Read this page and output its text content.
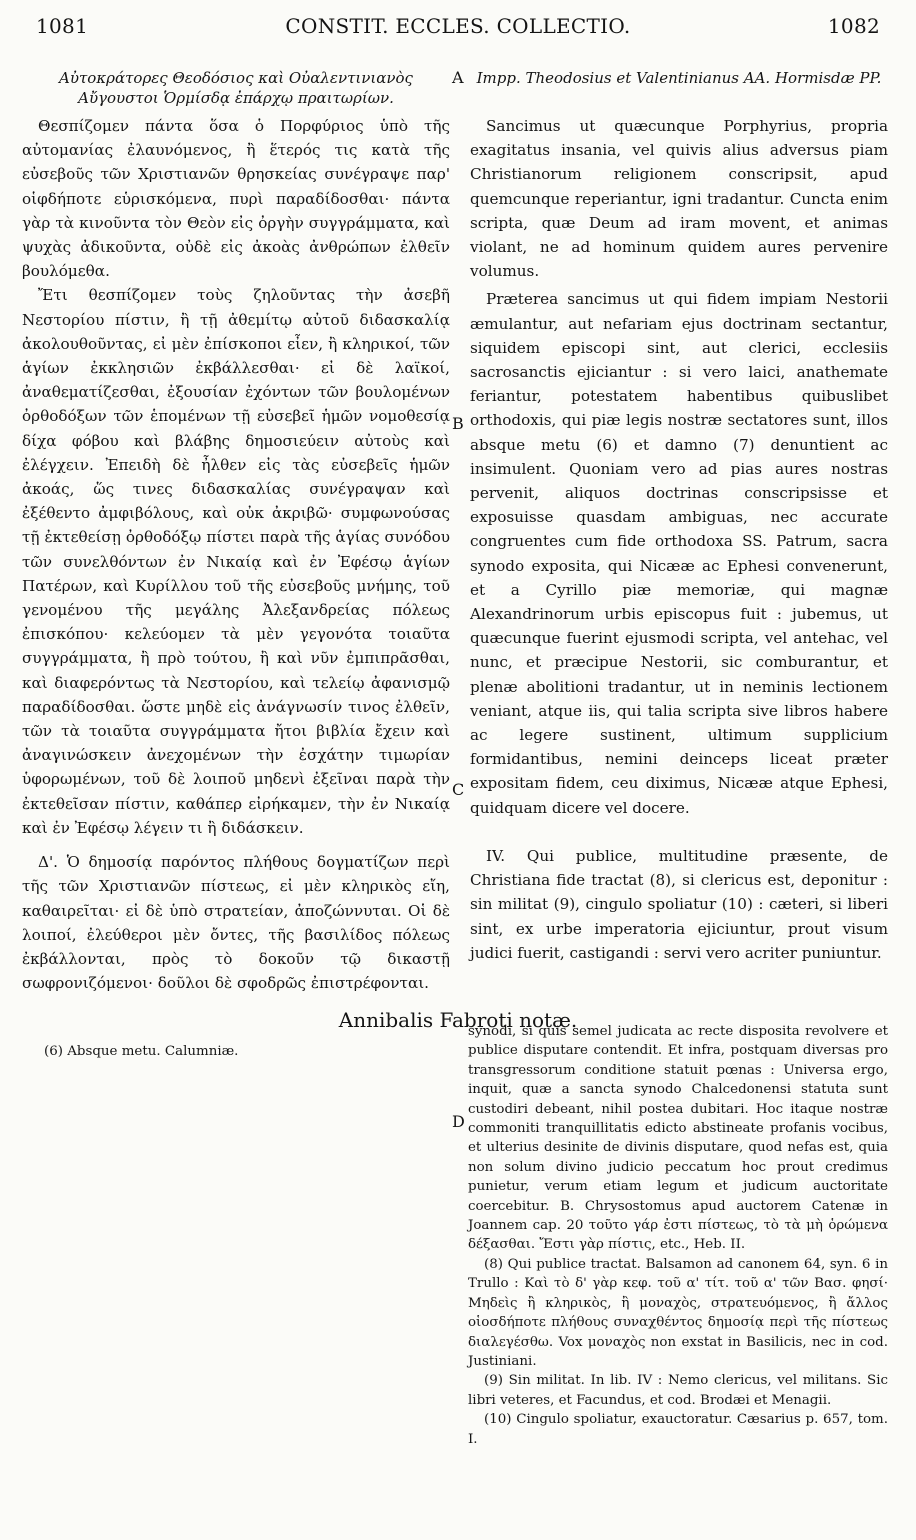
1081	CONSTIT. ECCLES. COLLECTIO.	1082
Αὐτοκράτορες Θεοδόσιος καὶ Οὐαλεντινιανὸς Αὔγουστοι Ὁρμίσδᾳ ἐπάρχῳ πραιτωρίων.
Impp. Theodosius et Valentinianus AA. Hormisdæ PP.
A
B
C
D

Θεσπίζομεν πάντα ὅσα ὁ Πορφύριος ὑπὸ τῆς αὐτομανίας ἐλαυνόμενος, ἢ ἕτερός τις κατὰ τῆς εὐσεβοῦς τῶν Χριστιανῶν θρησκείας συνέγραψε παρ' οἱφδήποτε εὑρισκόμενα, πυρὶ παραδίδοσθαι· πάντα γὰρ τὰ κινοῦντα τὸν Θεὸν εἰς ὀργὴν συγγράμματα, καὶ ψυχὰς ἀδικοῦντα, οὐδὲ εἰς ἀκοὰς ἀνθρώπων ἐλθεῖν βουλόμεθα.

Ἔτι θεσπίζομεν τοὺς ζηλοῦντας τὴν ἀσεβῆ Νεστορίου πίστιν, ἢ τῇ ἀθεμίτῳ αὐτοῦ διδασκαλίᾳ ἀκολουθοῦντας, εἰ μὲν ἐπίσκοποι εἶεν, ἢ κληρικοί, τῶν ἁγίων ἐκκλησιῶν ἐκβάλλεσθαι· εἰ δὲ λαϊκοί, ἀναθεματίζεσθαι, ἐξουσίαν ἐχόντων τῶν βουλομένων ὀρθοδόξων τῶν ἑπομένων τῇ εὐσεβεῖ ἡμῶν νομοθεσίᾳ δίχα φόβου καὶ βλάβης δημοσιεύειν αὐτοὺς καὶ ἐλέγχειν. Ἐπειδὴ δὲ ἦλθεν εἰς τὰς εὐσεβεῖς ἡμῶν ἀκοάς, ὥς τινες διδασκαλίας συνέγραψαν καὶ ἐξέθεντο ἀμφιβόλους, καὶ οὐκ ἀκριβῶ· συμφωνούσας τῇ ἐκτεθείσῃ ὀρθοδόξῳ πίστει παρὰ τῆς ἁγίας συνόδου τῶν συνελθόντων ἐν Νικαίᾳ καὶ ἐν Ἐφέσῳ ἁγίων Πατέρων, καὶ Κυρίλλου τοῦ τῆς εὐσεβοῦς μνήμης, τοῦ γενομένου τῆς μεγάλης Ἀλεξανδρείας πόλεως ἐπισκόπου· κελεύομεν τὰ μὲν γεγονότα τοιαῦτα συγγράμματα, ἢ πρὸ τούτου, ἢ καὶ νῦν ἐμπιπρᾶσθαι, καὶ διαφερόντως τὰ Νεστορίου, καὶ τελείῳ ἀφανισμῷ παραδίδοσθαι. ὥστε μηδὲ εἰς ἀνάγνωσίν τινος ἐλθεῖν, τῶν τὰ τοιαῦτα συγγράμματα ἤτοι βιβλία ἔχειν καὶ ἀναγινώσκειν ἀνεχομένων τὴν ἐσχάτην τιμωρίαν ὑφορωμένων, τοῦ δὲ λοιποῦ μηδενὶ ἐξεῖναι παρὰ τὴν ἐκτεθεῖσαν πίστιν, καθάπερ εἰρήκαμεν, τὴν ἐν Νικαίᾳ καὶ ἐν Ἐφέσῳ λέγειν τι ἢ διδάσκειν.

Δ'. Ὁ δημοσίᾳ παρόντος πλήθους δογματίζων περὶ τῆς τῶν Χριστιανῶν πίστεως, εἰ μὲν κληρικὸς εἴη, καθαιρεῖται· εἰ δὲ ὑπὸ στρατείαν, ἀποζώννυται. Οἱ δὲ λοιποί, ἐλεύθεροι μὲν ὄντες, τῆς βασιλίδος πόλεως ἐκβάλλονται, πρὸς τὸ δοκοῦν τῷ δικαστῇ σωφρονιζόμενοι· δοῦλοι δὲ σφοδρῶς ἐπιστρέφονται.

Sancimus ut quæcunque Porphyrius, propria exagitatus insania, vel quivis alius adversus piam Christianorum religionem conscripsit, apud quemcunque reperiantur, igni tradantur. Cuncta enim scripta, quæ Deum ad iram movent, et animas violant, ne ad hominum quidem aures pervenire volumus.

Præterea sancimus ut qui fidem impiam Nestorii æmulantur, aut nefariam ejus doctrinam sectantur, siquidem episcopi sint, aut clerici, ecclesiis sacrosanctis ejiciantur : si vero laici, anathemate feriantur, potestatem habentibus quibuslibet orthodoxis, qui piæ legis nostræ sectatores sunt, illos absque metu (6) et damno (7) denuntient ac insimulent. Quoniam vero ad pias aures nostras pervenit, aliquos doctrinas conscripsisse et exposuisse quasdam ambiguas, nec accurate congruentes cum fide orthodoxa SS. Patrum, sacra synodo exposita, qui Nicææ ac Ephesi convenerunt, et a Cyrillo piæ memoriæ, qui magnæ Alexandrinorum urbis episcopus fuit : jubemus, ut quæcunque fuerint ejusmodi scripta, vel antehac, vel nunc, et præcipue Nestorii, sic comburantur, et plenæ abolitioni tradantur, ut in neminis lectionem veniant, atque iis, qui talia scripta sive libros habere ac legere sustinent, ultimum supplicium formidantibus, nemini deinceps liceat præter expositam fidem, ceu diximus, Nicææ atque Ephesi, quidquam dicere vel docere.

IV. Qui publice, multitudine præsente, de Christiana fide tractat (8), si clericus est, deponitur : sin militat (9), cingulo spoliatur (10) : cæteri, si liberi sint, ex urbe imperatoria ejiciuntur, prout visum judici fuerit, castigandi : servi vero acriter puniuntur.

Annibalis Fabroti notæ.

(6) Absque metu. Calumniæ.

synodi, si quis semel judicata ac recte disposita revolvere et publice disputare contendit. Et infra, postquam diversas pro transgressorum conditione statuit pœnas : Universa ergo, inquit, quæ a sancta synodo Chalcedonensi statuta sunt custodiri debeant, nihil postea dubitari. Hoc itaque nostræ commoniti tranquillitatis edicto abstineate profanis vocibus, et ulterius desinite de divinis disputare, quod nefas est, quia non solum divino judicio peccatum hoc prout credimus punietur, verum etiam legum et judicum auctoritate coercebitur. B. Chrysostomus apud auctorem Catenæ in Joannem cap. 20 τοῦτο γάρ ἐστι πίστεως, τὸ τὰ μὴ ὁρώμενα δέξασθαι. Ἔστι γὰρ πίστις, etc., Heb. II.

(8) Qui publice tractat. Balsamon ad canonem 64, syn. 6 in Trullo : Καὶ τὸ δ' γὰρ κεφ. τοῦ α' τίτ. τοῦ α' τῶν Βασ. φησί· Μηδεὶς ἢ κληρικὸς, ἢ μοναχὸς, στρατευόμενος, ἢ ἄλλος οἱοσδήποτε πλήθους συναχθέντος δημοσίᾳ περὶ τῆς πίστεως διαλεγέσθω. Vox μοναχὸς non exstat in Basilicis, nec in cod. Justiniani.

(9) Sin militat. In lib. IV : Nemo clericus, vel militans. Sic libri veteres, et Facundus, et cod. Brodæi et Menagii.

(10) Cingulo spoliatur, exauctoratur. Cæsarius p. 657, tom. I.
